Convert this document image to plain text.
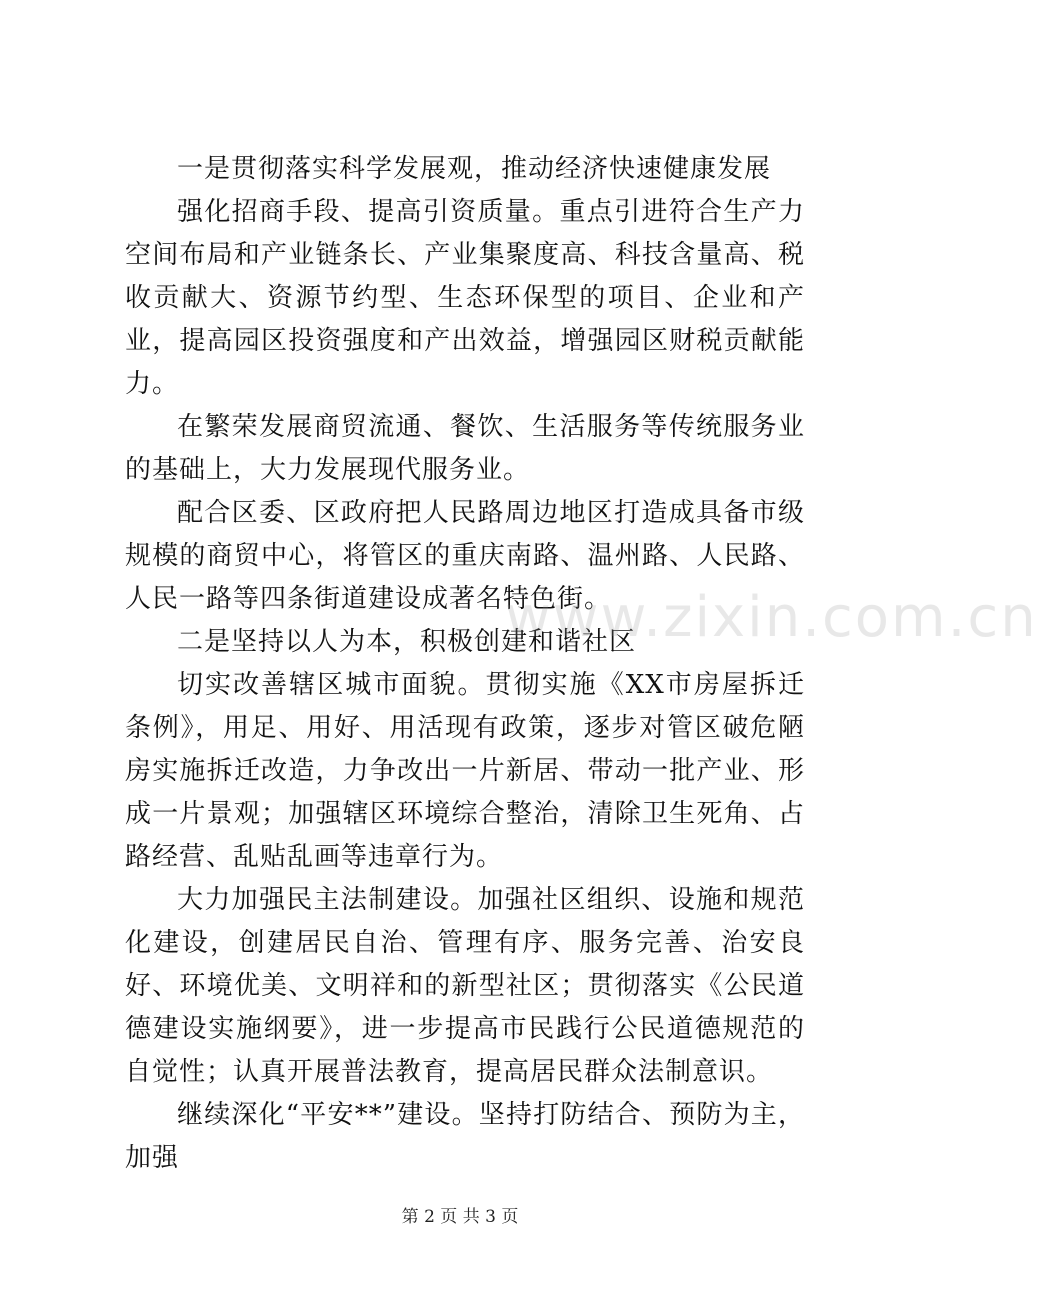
一是贯彻落实科学发展观，推动经济快速健康发展

强化招商手段、提高引资质量。重点引进符合生产力空间布局和产业链条长、产业集聚度高、科技含量高、税收贡献大、资源节约型、生态环保型的项目、企业和产业，提高园区投资强度和产出效益，增强园区财税贡献能力。

在繁荣发展商贸流通、餐饮、生活服务等传统服务业的基础上，大力发展现代服务业。

配合区委、区政府把人民路周边地区打造成具备市级规模的商贸中心，将管区的重庆南路、温州路、人民路、人民一路等四条街道建设成著名特色街。

二是坚持以人为本，积极创建和谐社区

切实改善辖区城市面貌。贯彻实施《XX市房屋拆迁条例》，用足、用好、用活现有政策，逐步对管区破危陋房实施拆迁改造，力争改出一片新居、带动一批产业、形成一片景观；加强辖区环境综合整治，清除卫生死角、占路经营、乱贴乱画等违章行为。

大力加强民主法制建设。加强社区组织、设施和规范化建设，创建居民自治、管理有序、服务完善、治安良好、环境优美、文明祥和的新型社区；贯彻落实《公民道德建设实施纲要》，进一步提高市民践行公民道德规范的自觉性；认真开展普法教育，提高居民群众法制意识。

继续深化“平安**”建设。坚持打防结合、预防为主，加强

www.zixin.com.cn
第 2 页 共 3 页
